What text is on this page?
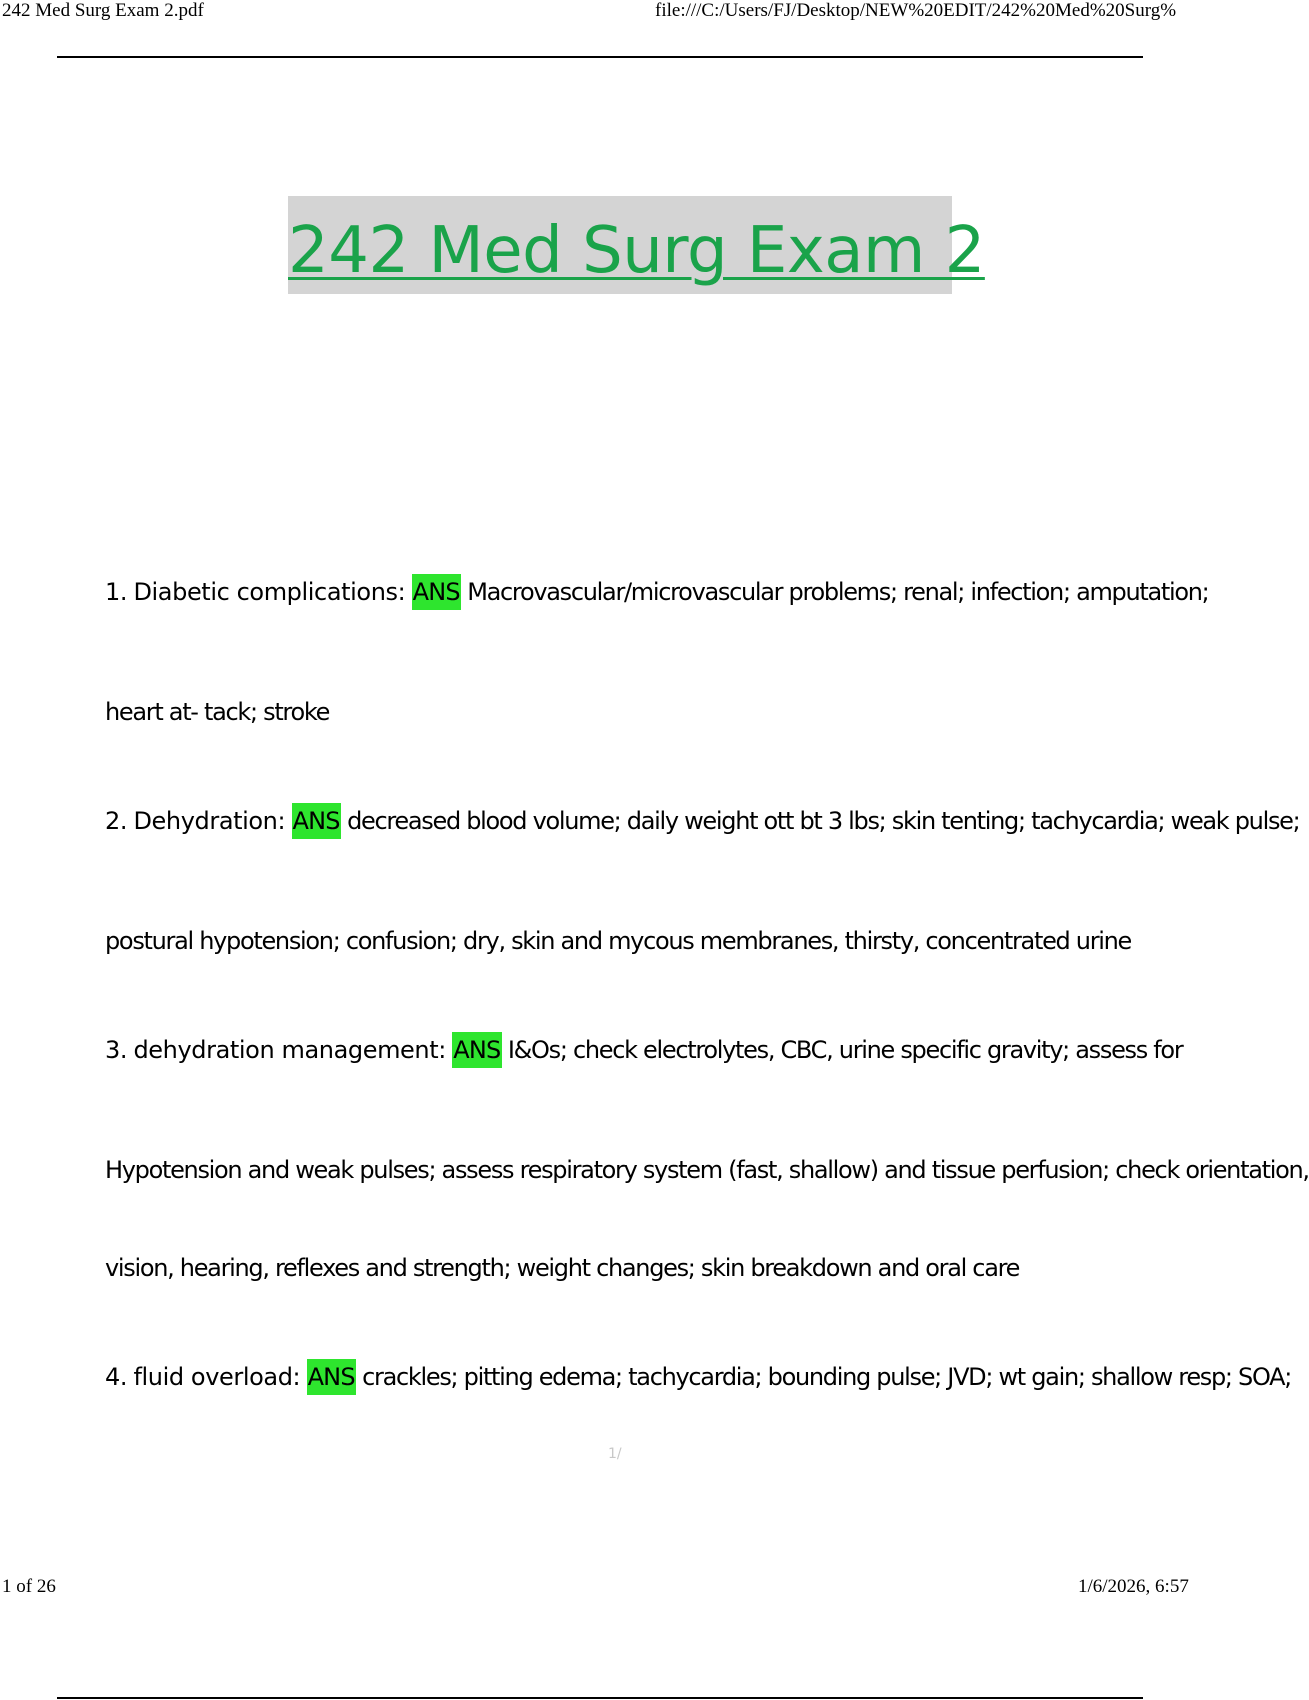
242 Med Surg Exam 2.pdf	file:///C:/Users/FJ/Desktop/NEW%20EDIT/242%20Med%20Surg%
242 Med Surg Exam 2
1. Diabetic complications: ANS Macrovascular/microvascular problems; renal; infection; amputation;
heart at- tack; stroke
2. Dehydration: ANS decreased blood volume; daily weight ott bt 3 lbs; skin tenting; tachycardia; weak pulse;
postural hypotension; confusion; dry, skin and mycous membranes, thirsty, concentrated urine
3. dehydration management: ANS I&Os; check electrolytes, CBC, urine specific gravity; assess for
Hypotension and weak pulses; assess respiratory system (fast, shallow) and tissue perfusion; check orientation,
vision, hearing, reflexes and strength; weight changes; skin breakdown and oral care
4. fluid overload: ANS crackles; pitting edema; tachycardia; bounding pulse; JVD; wt gain; shallow resp; SOA;
1/
1 of 26	1/6/2026, 6:57
